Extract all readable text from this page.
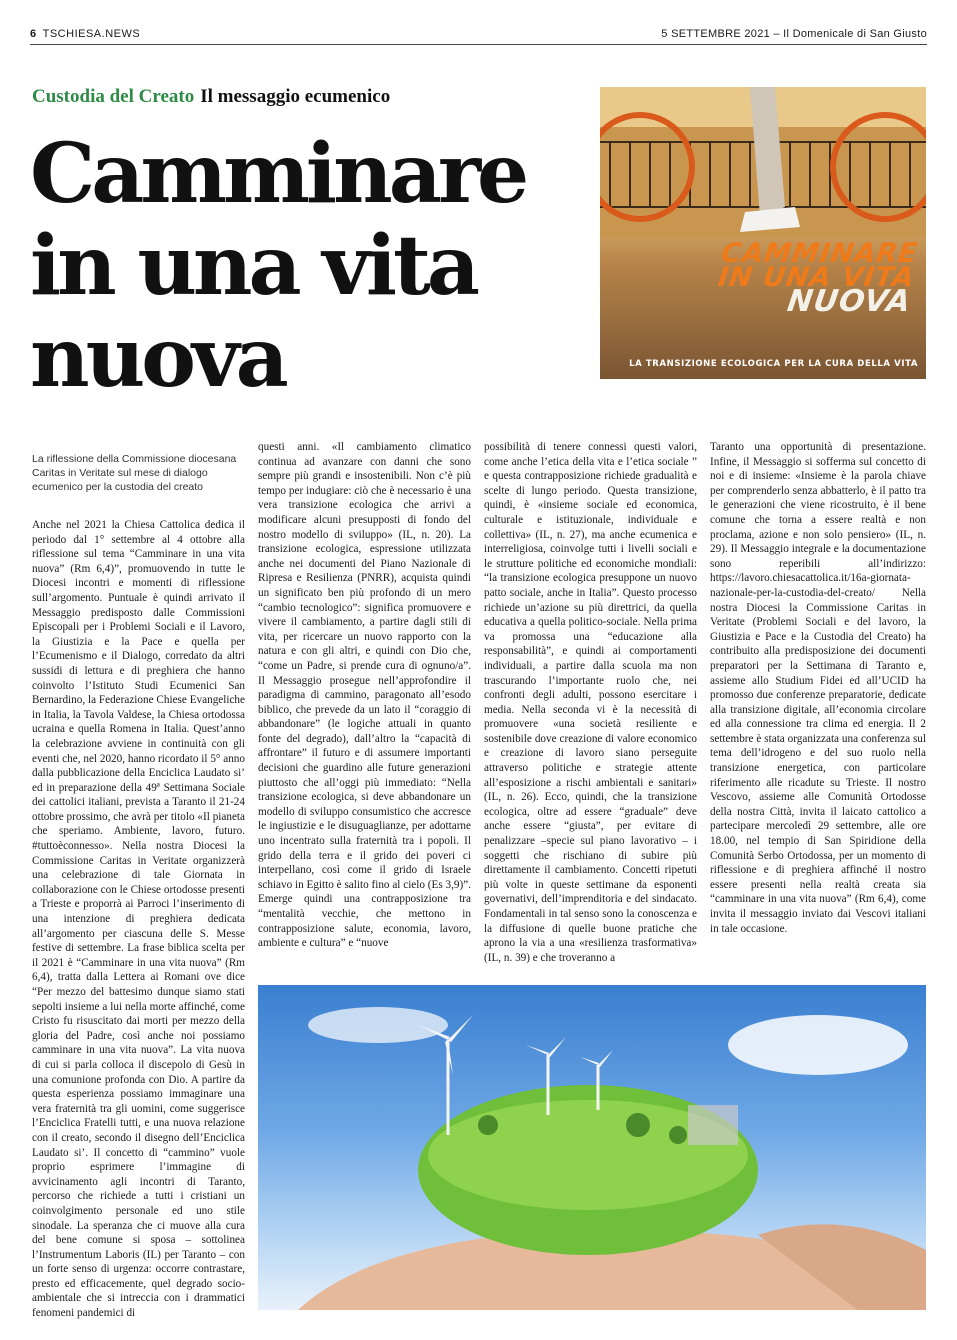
6 TSCHIESA.NEWS	5 SETTEMBRE 2021 – Il Domenicale di San Giusto
Custodia del Creato Il messaggio ecumenico
Camminare
in una vita
nuova
CAMMINARE
IN UNA VITA
NUOVA
LA TRANSIZIONE ECOLOGICA PER LA CURA DELLA VITA
La riflessione della Commissione diocesana Caritas in Veritate sul mese di dialogo ecumenico per la custodia del creato

Anche nel 2021 la Chiesa Cattolica dedica il periodo dal 1° settembre al 4 ottobre alla riflessione sul tema “Camminare in una vita nuova” (Rm 6,4)”, promuovendo in tutte le Diocesi incontri e momenti di riflessione sull’argomento. Puntuale è quindi arrivato il Messaggio predisposto dalle Commissioni Episcopali per i Problemi Sociali e il Lavoro, la Giustizia e la Pace e quella per l’Ecumenismo e il Dialogo, corredato da altri sussidi di lettura e di preghiera che hanno coinvolto l’Istituto Studi Ecumenici San Bernardino, la Federazione Chiese Evangeliche in Italia, la Tavola Valdese, la Chiesa ortodossa ucraina e quella Romena in Italia. Quest’anno la celebrazione avviene in continuità con gli eventi che, nel 2020, hanno ricordato il 5° anno dalla pubblicazione della Enciclica Laudato si’ ed in preparazione della 49ª Settimana Sociale dei cattolici italiani, prevista a Taranto il 21-24 ottobre prossimo, che avrà per titolo «Il pianeta che speriamo. Ambiente, lavoro, futuro. #tuttoèconnesso». Nella nostra Diocesi la Commissione Caritas in Veritate organizzerà una celebrazione di tale Giornata in collaborazione con le Chiese ortodosse presenti a Trieste e proporrà ai Parroci l’inserimento di una intenzione di preghiera dedicata all’argomento per ciascuna delle S. Messe festive di settembre. La frase biblica scelta per il 2021 è “Camminare in una vita nuova” (Rm 6,4), tratta dalla Lettera ai Romani ove dice “Per mezzo del battesimo dunque siamo stati sepolti insieme a lui nella morte affinché, come Cristo fu risuscitato dai morti per mezzo della gloria del Padre, così anche noi possiamo camminare in una vita nuova”. La vita nuova di cui si parla colloca il discepolo di Gesù in una comunione profonda con Dio. A partire da questa esperienza possiamo immaginare una vera fraternità tra gli uomini, come suggerisce l’Enciclica Fratelli tutti, e una nuova relazione con il creato, secondo il disegno dell’Enciclica Laudato si’. Il concetto di “cammino” vuole proprio esprimere l’immagine di avvicinamento agli incontri di Taranto, percorso che richiede a tutti i cristiani un coinvolgimento personale ed uno stile sinodale. La speranza che ci muove alla cura del bene comune si sposa – sottolinea l’Instrumentum Laboris (IL) per Taranto – con un forte senso di urgenza: occorre contrastare, presto ed efficacemente, quel degrado socio-ambientale che si intreccia con i drammatici fenomeni pandemici di

questi anni. «Il cambiamento climatico continua ad avanzare con danni che sono sempre più grandi e insostenibili. Non c’è più tempo per indugiare: ciò che è necessario è una vera transizione ecologica che arrivi a modificare alcuni presupposti di fondo del nostro modello di sviluppo» (IL, n. 20). La transizione ecologica, espressione utilizzata anche nei documenti del Piano Nazionale di Ripresa e Resilienza (PNRR), acquista quindi un significato ben più profondo di un mero “cambio tecnologico”: significa promuovere e vivere il cambiamento, a partire dagli stili di vita, per ricercare un nuovo rapporto con la natura e con gli altri, e quindi con Dio che, “come un Padre, si prende cura di ognuno/a”. Il Messaggio prosegue nell’approfondire il paradigma di cammino, paragonato all’esodo biblico, che prevede da un lato il “coraggio di abbandonare” (le logiche attuali in quanto fonte del degrado), dall’altro la “capacità di affrontare” il futuro e di assumere importanti decisioni che guardino alle future generazioni piuttosto che all’oggi più immediato: “Nella transizione ecologica, si deve abbandonare un modello di sviluppo consumistico che accresce le ingiustizie e le disuguaglianze, per adottarne uno incentrato sulla fraternità tra i popoli. Il grido della terra e il grido dei poveri ci interpellano, così come il grido di Israele schiavo in Egitto è salito fino al cielo (Es 3,9)”. Emerge quindi una contrapposizione tra “mentalità vecchie, che mettono in contrapposizione salute, economia, lavoro, ambiente e cultura” e “nuove

possibilità di tenere connessi questi valori, come anche l’etica della vita e l’etica sociale ” e questa contrapposizione richiede gradualità e scelte di lungo periodo. Questa transizione, quindi, è «insieme sociale ed economica, culturale e istituzionale, individuale e collettiva» (IL, n. 27), ma anche ecumenica e interreligiosa, coinvolge tutti i livelli sociali e le strutture politiche ed economiche mondiali: “la transizione ecologica presuppone un nuovo patto sociale, anche in Italia”. Questo processo richiede un’azione su più direttrici, da quella educativa a quella politico-sociale. Nella prima va promossa una “educazione alla responsabilità”, e quindi ai comportamenti individuali, a partire dalla scuola ma non trascurando l’importante ruolo che, nei confronti degli adulti, possono esercitare i media. Nella seconda vi è la necessità di promuovere «una società resiliente e sostenibile dove creazione di valore economico e creazione di lavoro siano perseguite attraverso politiche e strategie attente all’esposizione a rischi ambientali e sanitari» (IL, n. 26). Ecco, quindi, che la transizione ecologica, oltre ad essere “graduale” deve anche essere “giusta”, per evitare di penalizzare –specie sul piano lavorativo – i soggetti che rischiano di subire più direttamente il cambiamento. Concetti ripetuti più volte in queste settimane da esponenti governativi, dell’imprenditoria e del sindacato. Fondamentali in tal senso sono la conoscenza e la diffusione di quelle buone pratiche che aprono la via a una «resilienza trasformativa» (IL, n. 39) e che troveranno a

Taranto una opportunità di presentazione. Infine, il Messaggio si sofferma sul concetto di noi e di insieme: «Insieme è la parola chiave per comprenderlo senza abbatterlo, è il patto tra le generazioni che viene ricostruito, è il bene comune che torna a essere realtà e non proclama, azione e non solo pensiero» (IL, n. 29). Il Messaggio integrale e la documentazione sono reperibili all’indirizzo: https://lavoro.chiesacattolica.it/16a-giornata-nazionale-per-la-custodia-del-creato/ Nella nostra Diocesi la Commissione Caritas in Veritate (Problemi Sociali e del lavoro, la Giustizia e Pace e la Custodia del Creato) ha contribuito alla predisposizione dei documenti preparatori per la Settimana di Taranto e, assieme allo Studium Fidei ed all’UCID ha promosso due conferenze preparatorie, dedicate alla transizione digitale, all’economia circolare ed alla connessione tra clima ed energia. Il 2 settembre è stata organizzata una conferenza sul tema dell’idrogeno e del suo ruolo nella transizione energetica, con particolare riferimento alle ricadute su Trieste. Il nostro Vescovo, assieme alle Comunità Ortodosse della nostra Città, invita il laicato cattolico a partecipare mercoledì 29 settembre, alle ore 18.00, nel tempio di San Spiridione della Comunità Serbo Ortodossa, per un momento di riflessione e di preghiera affinché il nostro essere presenti nella realtà creata sia “camminare in una vita nuova” (Rm 6,4), come invita il messaggio inviato dai Vescovi italiani in tale occasione.
